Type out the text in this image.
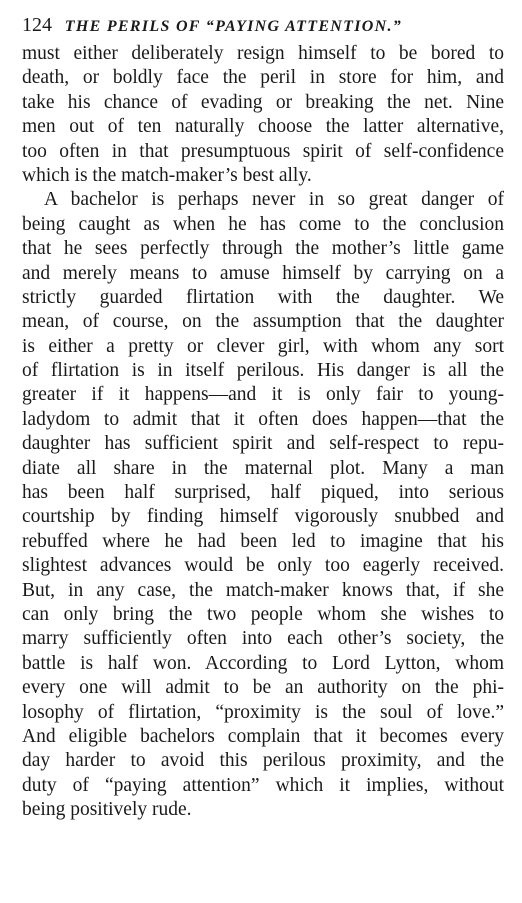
124 THE PERILS OF “PAYING ATTENTION.”
must either deliberately resign himself to be bored to
death, or boldly face the peril in store for him, and
take his chance of evading or breaking the net. Nine
men out of ten naturally choose the latter alternative,
too often in that presumptuous spirit of self-confidence
which is the match-maker’s best ally.
A bachelor is perhaps never in so great danger of
being caught as when he has come to the conclusion
that he sees perfectly through the mother’s little game
and merely means to amuse himself by carrying on a
strictly guarded flirtation with the daughter. We
mean, of course, on the assumption that the daughter
is either a pretty or clever girl, with whom any sort
of flirtation is in itself perilous. His danger is all the
greater if it happens—and it is only fair to young-
ladydom to admit that it often does happen—that the
daughter has sufficient spirit and self-respect to repu-
diate all share in the maternal plot. Many a man
has been half surprised, half piqued, into serious
courtship by finding himself vigorously snubbed and
rebuffed where he had been led to imagine that his
slightest advances would be only too eagerly received.
But, in any case, the match-maker knows that, if she
can only bring the two people whom she wishes to
marry sufficiently often into each other’s society, the
battle is half won. According to Lord Lytton, whom
every one will admit to be an authority on the phi-
losophy of flirtation, “proximity is the soul of love.”
And eligible bachelors complain that it becomes every
day harder to avoid this perilous proximity, and the
duty of “paying attention” which it implies, without
being positively rude.
